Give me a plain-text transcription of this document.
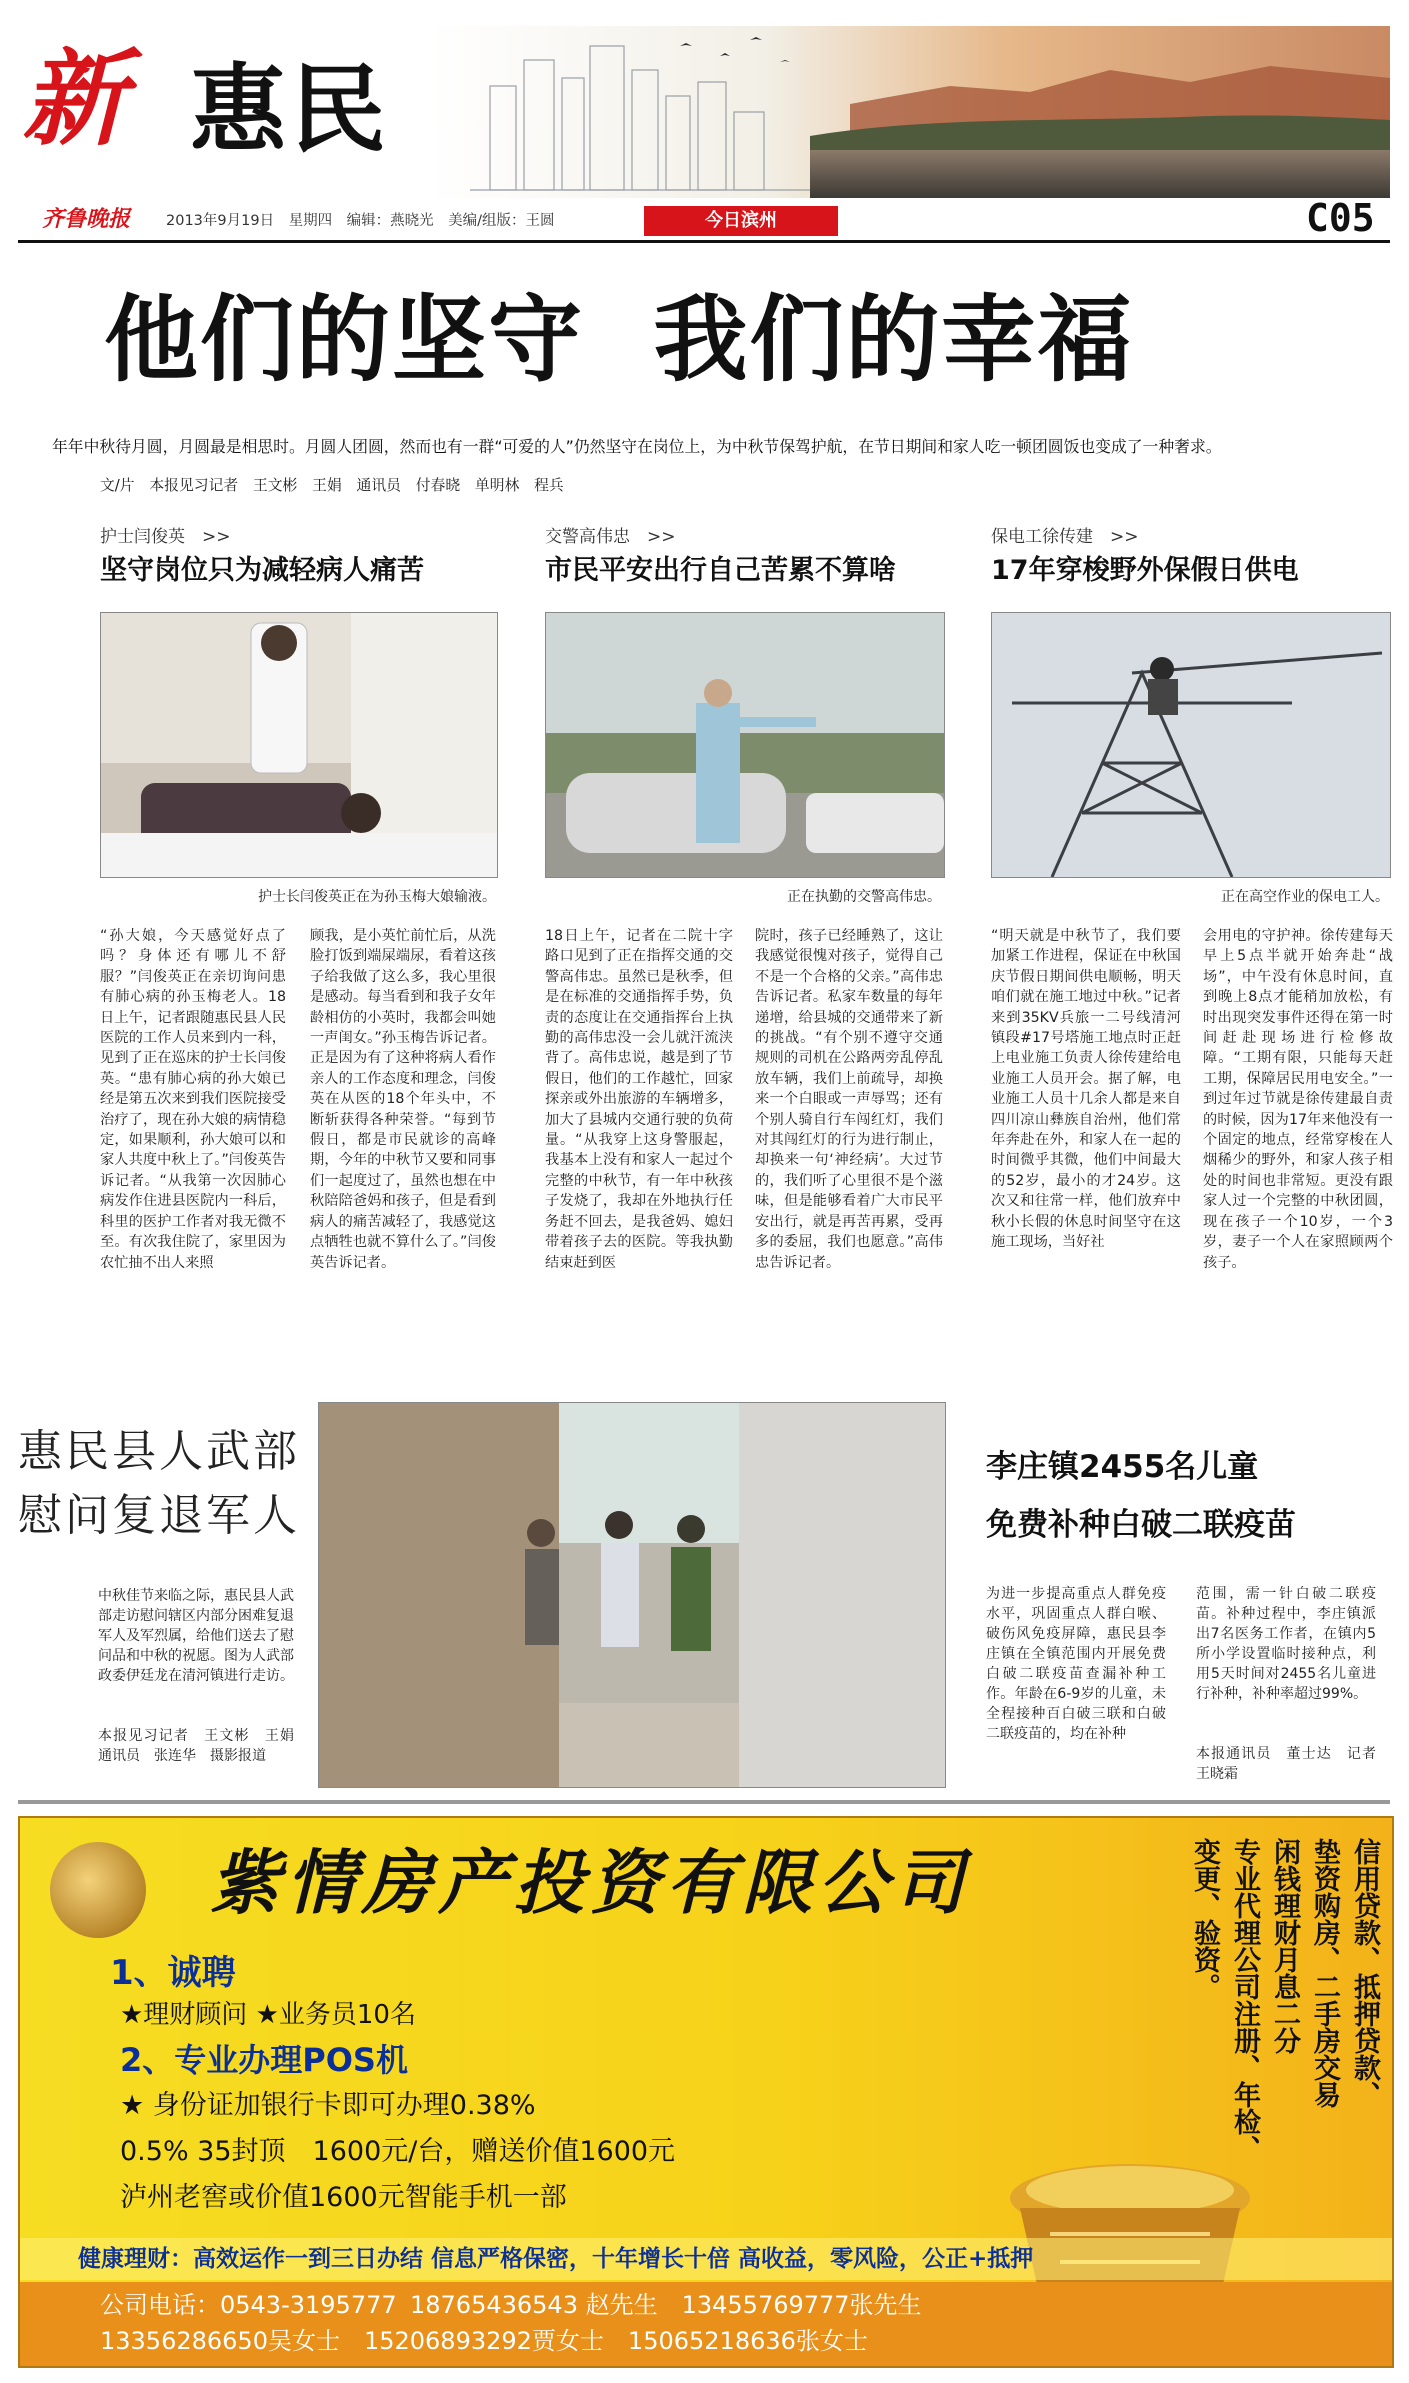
新 惠民
齐鲁晚报 2013年9月19日　星期四　编辑：燕晓光　美编/组版：王圆	今日滨州	C05
他们的坚守  我们的幸福
年年中秋待月圆，月圆最是相思时。月圆人团圆，然而也有一群“可爱的人”仍然坚守在岗位上，为中秋节保驾护航，在节日期间和家人吃一顿团圆饭也变成了一种奢求。
文/片　本报见习记者　王文彬　王娟　通讯员　付春晓　单明林　程兵
护士闫俊英　>>
坚守岗位只为减轻病人痛苦
护士长闫俊英正在为孙玉梅大娘输液。
“孙大娘，今天感觉好点了吗？身体还有哪儿不舒服？”闫俊英正在亲切询问患有肺心病的孙玉梅老人。18日上午，记者跟随惠民县人民医院的工作人员来到内一科，见到了正在巡床的护士长闫俊英。“患有肺心病的孙大娘已经是第五次来到我们医院接受治疗了，现在孙大娘的病情稳定，如果顺利，孙大娘可以和家人共度中秋上了。”闫俊英告诉记者。“从我第一次因肺心病发作住进县医院内一科后，科里的医护工作者对我无微不至。有次我住院了，家里因为农忙抽不出人来照
顾我，是小英忙前忙后，从洗脸打饭到端屎端尿，看着这孩子给我做了这么多，我心里很是感动。每当看到和我子女年龄相仿的小英时，我都会叫她一声闺女。”孙玉梅告诉记者。正是因为有了这种将病人看作亲人的工作态度和理念，闫俊英在从医的18个年头中，不断斩获得各种荣誉。“每到节假日，都是市民就诊的高峰期，今年的中秋节又要和同事们一起度过了，虽然也想在中秋陪陪爸妈和孩子，但是看到病人的痛苦减轻了，我感觉这点牺牲也就不算什么了。”闫俊英告诉记者。
交警高伟忠　>>
市民平安出行自己苦累不算啥
正在执勤的交警高伟忠。
18日上午，记者在二院十字路口见到了正在指挥交通的交警高伟忠。虽然已是秋季，但是在标准的交通指挥手势，负责的态度让在交通指挥台上执勤的高伟忠没一会儿就汗流浃背了。高伟忠说，越是到了节假日，他们的工作越忙，回家探亲或外出旅游的车辆增多，加大了县城内交通行驶的负荷量。“从我穿上这身警服起，我基本上没有和家人一起过个完整的中秋节，有一年中秋孩子发烧了，我却在外地执行任务赶不回去，是我爸妈、媳妇带着孩子去的医院。等我执勤结束赶到医
院时，孩子已经睡熟了，这让我感觉很愧对孩子，觉得自己不是一个合格的父亲。”高伟忠告诉记者。私家车数量的每年递增，给县城的交通带来了新的挑战。“有个别不遵守交通规则的司机在公路两旁乱停乱放车辆，我们上前疏导，却换来一个白眼或一声辱骂；还有个别人骑自行车闯红灯，我们对其闯红灯的行为进行制止，却换来一句‘神经病’。大过节的，我们听了心里很不是个滋味，但是能够看着广大市民平安出行，就是再苦再累，受再多的委屈，我们也愿意。”高伟忠告诉记者。
保电工徐传建　>>
17年穿梭野外保假日供电
正在高空作业的保电工人。
“明天就是中秋节了，我们要加紧工作进程，保证在中秋国庆节假日期间供电顺畅，明天咱们就在施工地过中秋。”记者来到35KV兵旅一二号线清河镇段#17号塔施工地点时正赶上电业施工负责人徐传建给电业施工人员开会。据了解，电业施工人员十几余人都是来自四川凉山彝族自治州，他们常年奔赴在外，和家人在一起的时间微乎其微，他们中间最大的52岁，最小的才24岁。这次又和往常一样，他们放弃中秋小长假的休息时间坚守在这施工现场，当好社
会用电的守护神。徐传建每天早上5点半就开始奔赴“战场”，中午没有休息时间，直到晚上8点才能稍加放松，有时出现突发事件还得在第一时间赶赴现场进行检修故障。“工期有限，只能每天赶工期，保障居民用电安全。”一到过年过节就是徐传建最自责的时候，因为17年来他没有一个固定的地点，经常穿梭在人烟稀少的野外，和家人孩子相处的时间也非常短。更没有跟家人过一个完整的中秋团圆，现在孩子一个10岁，一个3岁，妻子一个人在家照顾两个孩子。
惠民县人武部
慰问复退军人
中秋佳节来临之际，惠民县人武部走访慰问辖区内部分困难复退军人及军烈属，给他们送去了慰问品和中秋的祝愿。图为人武部政委伊廷龙在清河镇进行走访。
本报见习记者　王文彬　王娟　通讯员　张连华　摄影报道
李庄镇2455名儿童
免费补种白破二联疫苗
为进一步提高重点人群免疫水平，巩固重点人群白喉、破伤风免疫屏障，惠民县李庄镇在全镇范围内开展免费白破二联疫苗查漏补种工作。年龄在6-9岁的儿童，未全程接种百白破三联和白破二联疫苗的，均在补种
范围，需一针白破二联疫苗。补种过程中，李庄镇派出7名医务工作者，在镇内5所小学设置临时接种点，利用5天时间对2455名儿童进行补种，补种率超过99%。
本报通讯员　董士达　记者　王晓霜
紫情房产投资有限公司
1、诚聘
★理财顾问 ★业务员10名
2、专业办理POS机
★ 身份证加银行卡即可办理0.38%
0.5% 35封顶　1600元/台，赠送价值1600元
泸州老窖或价值1600元智能手机一部
信用贷款、抵押贷款、
垫资购房、二手房交易
闲钱理财月息二分
专业代理公司注册、年检、
变更、验资。
健康理财：高效运作一到三日办结 信息严格保密，十年增长十倍 高收益，零风险，公正+抵押
公司电话：0543-3195777 18765436543 赵先生　13455769777张先生
13356286650吴女士　15206893292贾女士　15065218636张女士
